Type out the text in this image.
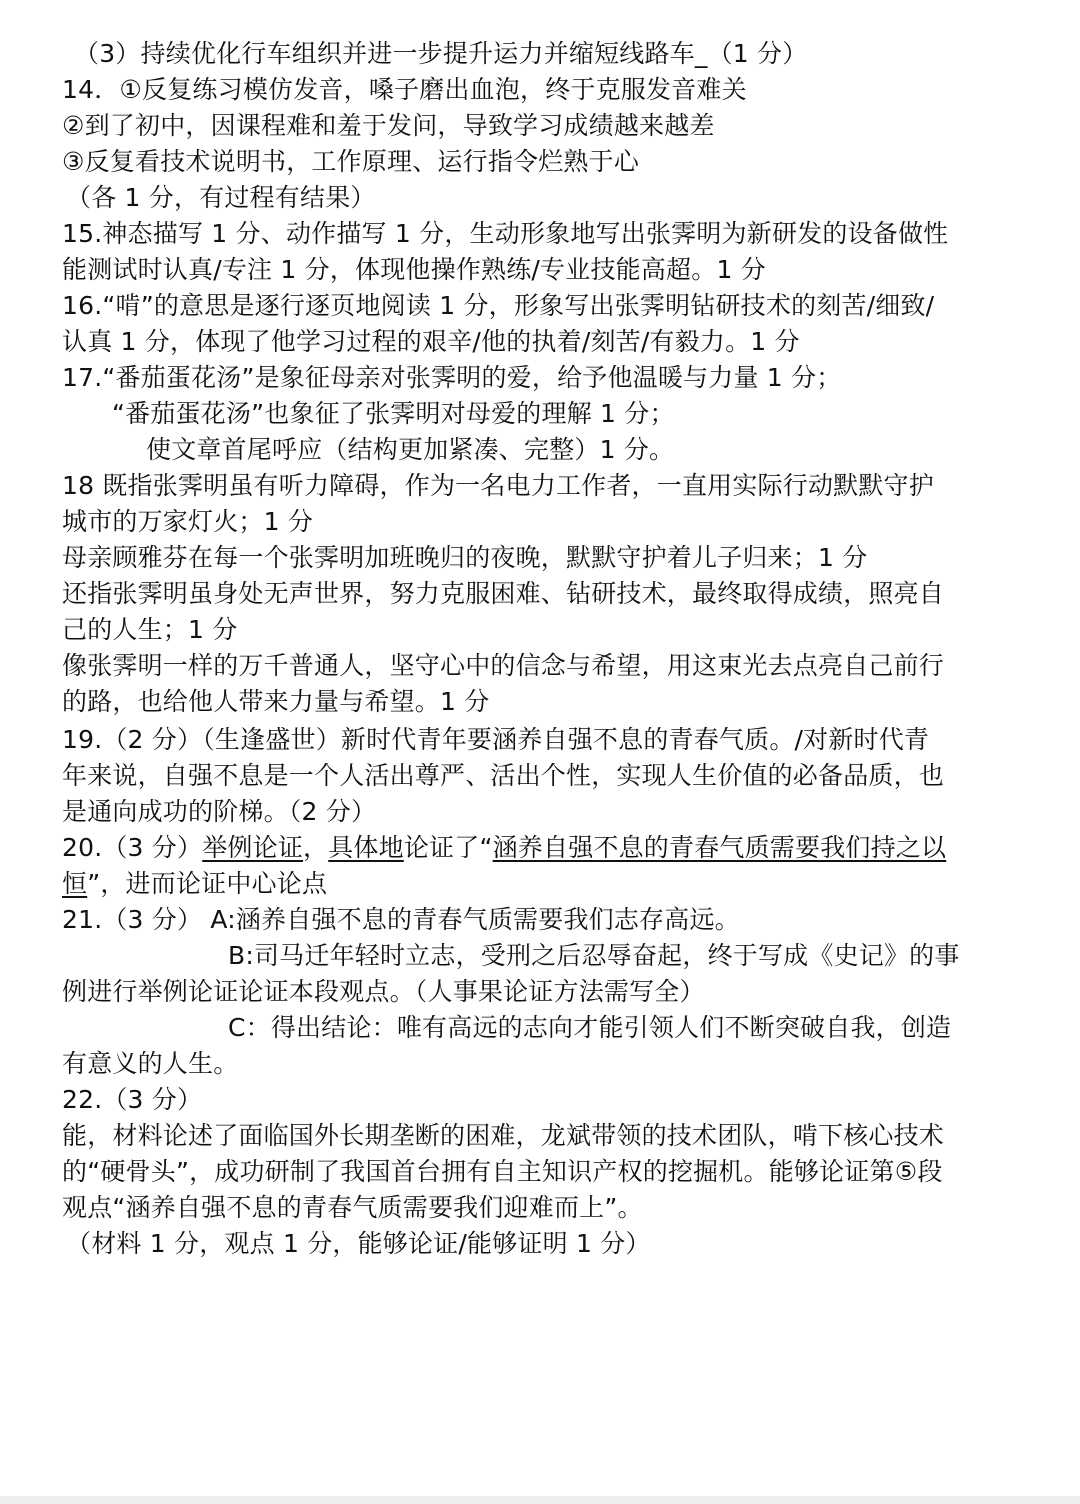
（3）持续优化行车组织并进一步提升运力并缩短线路车_（1 分）
14．①反复练习模仿发音，嗓子磨出血泡，终于克服发音难关
②到了初中，因课程难和羞于发问，导致学习成绩越来越差
③反复看技术说明书，工作原理、运行指令烂熟于心
（各 1 分，有过程有结果）
15.神态描写 1 分、动作描写 1 分，生动形象地写出张霁明为新研发的设备做性
能测试时认真/专注 1 分，体现他操作熟练/专业技能高超。1 分
16.“啃”的意思是逐行逐页地阅读 1 分，形象写出张霁明钻研技术的刻苦/细致/
认真 1 分，体现了他学习过程的艰辛/他的执着/刻苦/有毅力。1 分
17.“番茄蛋花汤”是象征母亲对张霁明的爱，给予他温暖与力量 1 分；
“番茄蛋花汤”也象征了张霁明对母爱的理解 1 分；
使文章首尾呼应（结构更加紧凑、完整）1 分。
18 既指张霁明虽有听力障碍，作为一名电力工作者，一直用实际行动默默守护
城市的万家灯火；1 分
母亲顾雅芬在每一个张霁明加班晚归的夜晚，默默守护着儿子归来；1 分
还指张霁明虽身处无声世界，努力克服困难、钻研技术，最终取得成绩，照亮自
己的人生；1 分
像张霁明一样的万千普通人，坚守心中的信念与希望，用这束光去点亮自己前行
的路，也给他人带来力量与希望。1 分
19.（2 分）（生逢盛世）新时代青年要涵养自强不息的青春气质。/对新时代青
年来说，自强不息是一个人活出尊严、活出个性，实现人生价值的必备品质，也
是通向成功的阶梯。（2 分）
20.（3 分）举例论证，具体地论证了“涵养自强不息的青春气质需要我们持之以
恒”，进而论证中心论点
21.（3 分） A:涵养自强不息的青春气质需要我们志存高远。
B:司马迁年轻时立志，受刑之后忍辱奋起，终于写成《史记》的事
例进行举例论证论证本段观点。（人事果论证方法需写全）
C：得出结论：唯有高远的志向才能引领人们不断突破自我，创造
有意义的人生。
22.（3 分）
能，材料论述了面临国外长期垄断的困难，龙斌带领的技术团队，啃下核心技术
的“硬骨头”，成功研制了我国首台拥有自主知识产权的挖掘机。能够论证第⑤段
观点“涵养自强不息的青春气质需要我们迎难而上”。
（材料 1 分，观点 1 分，能够论证/能够证明 1 分）
